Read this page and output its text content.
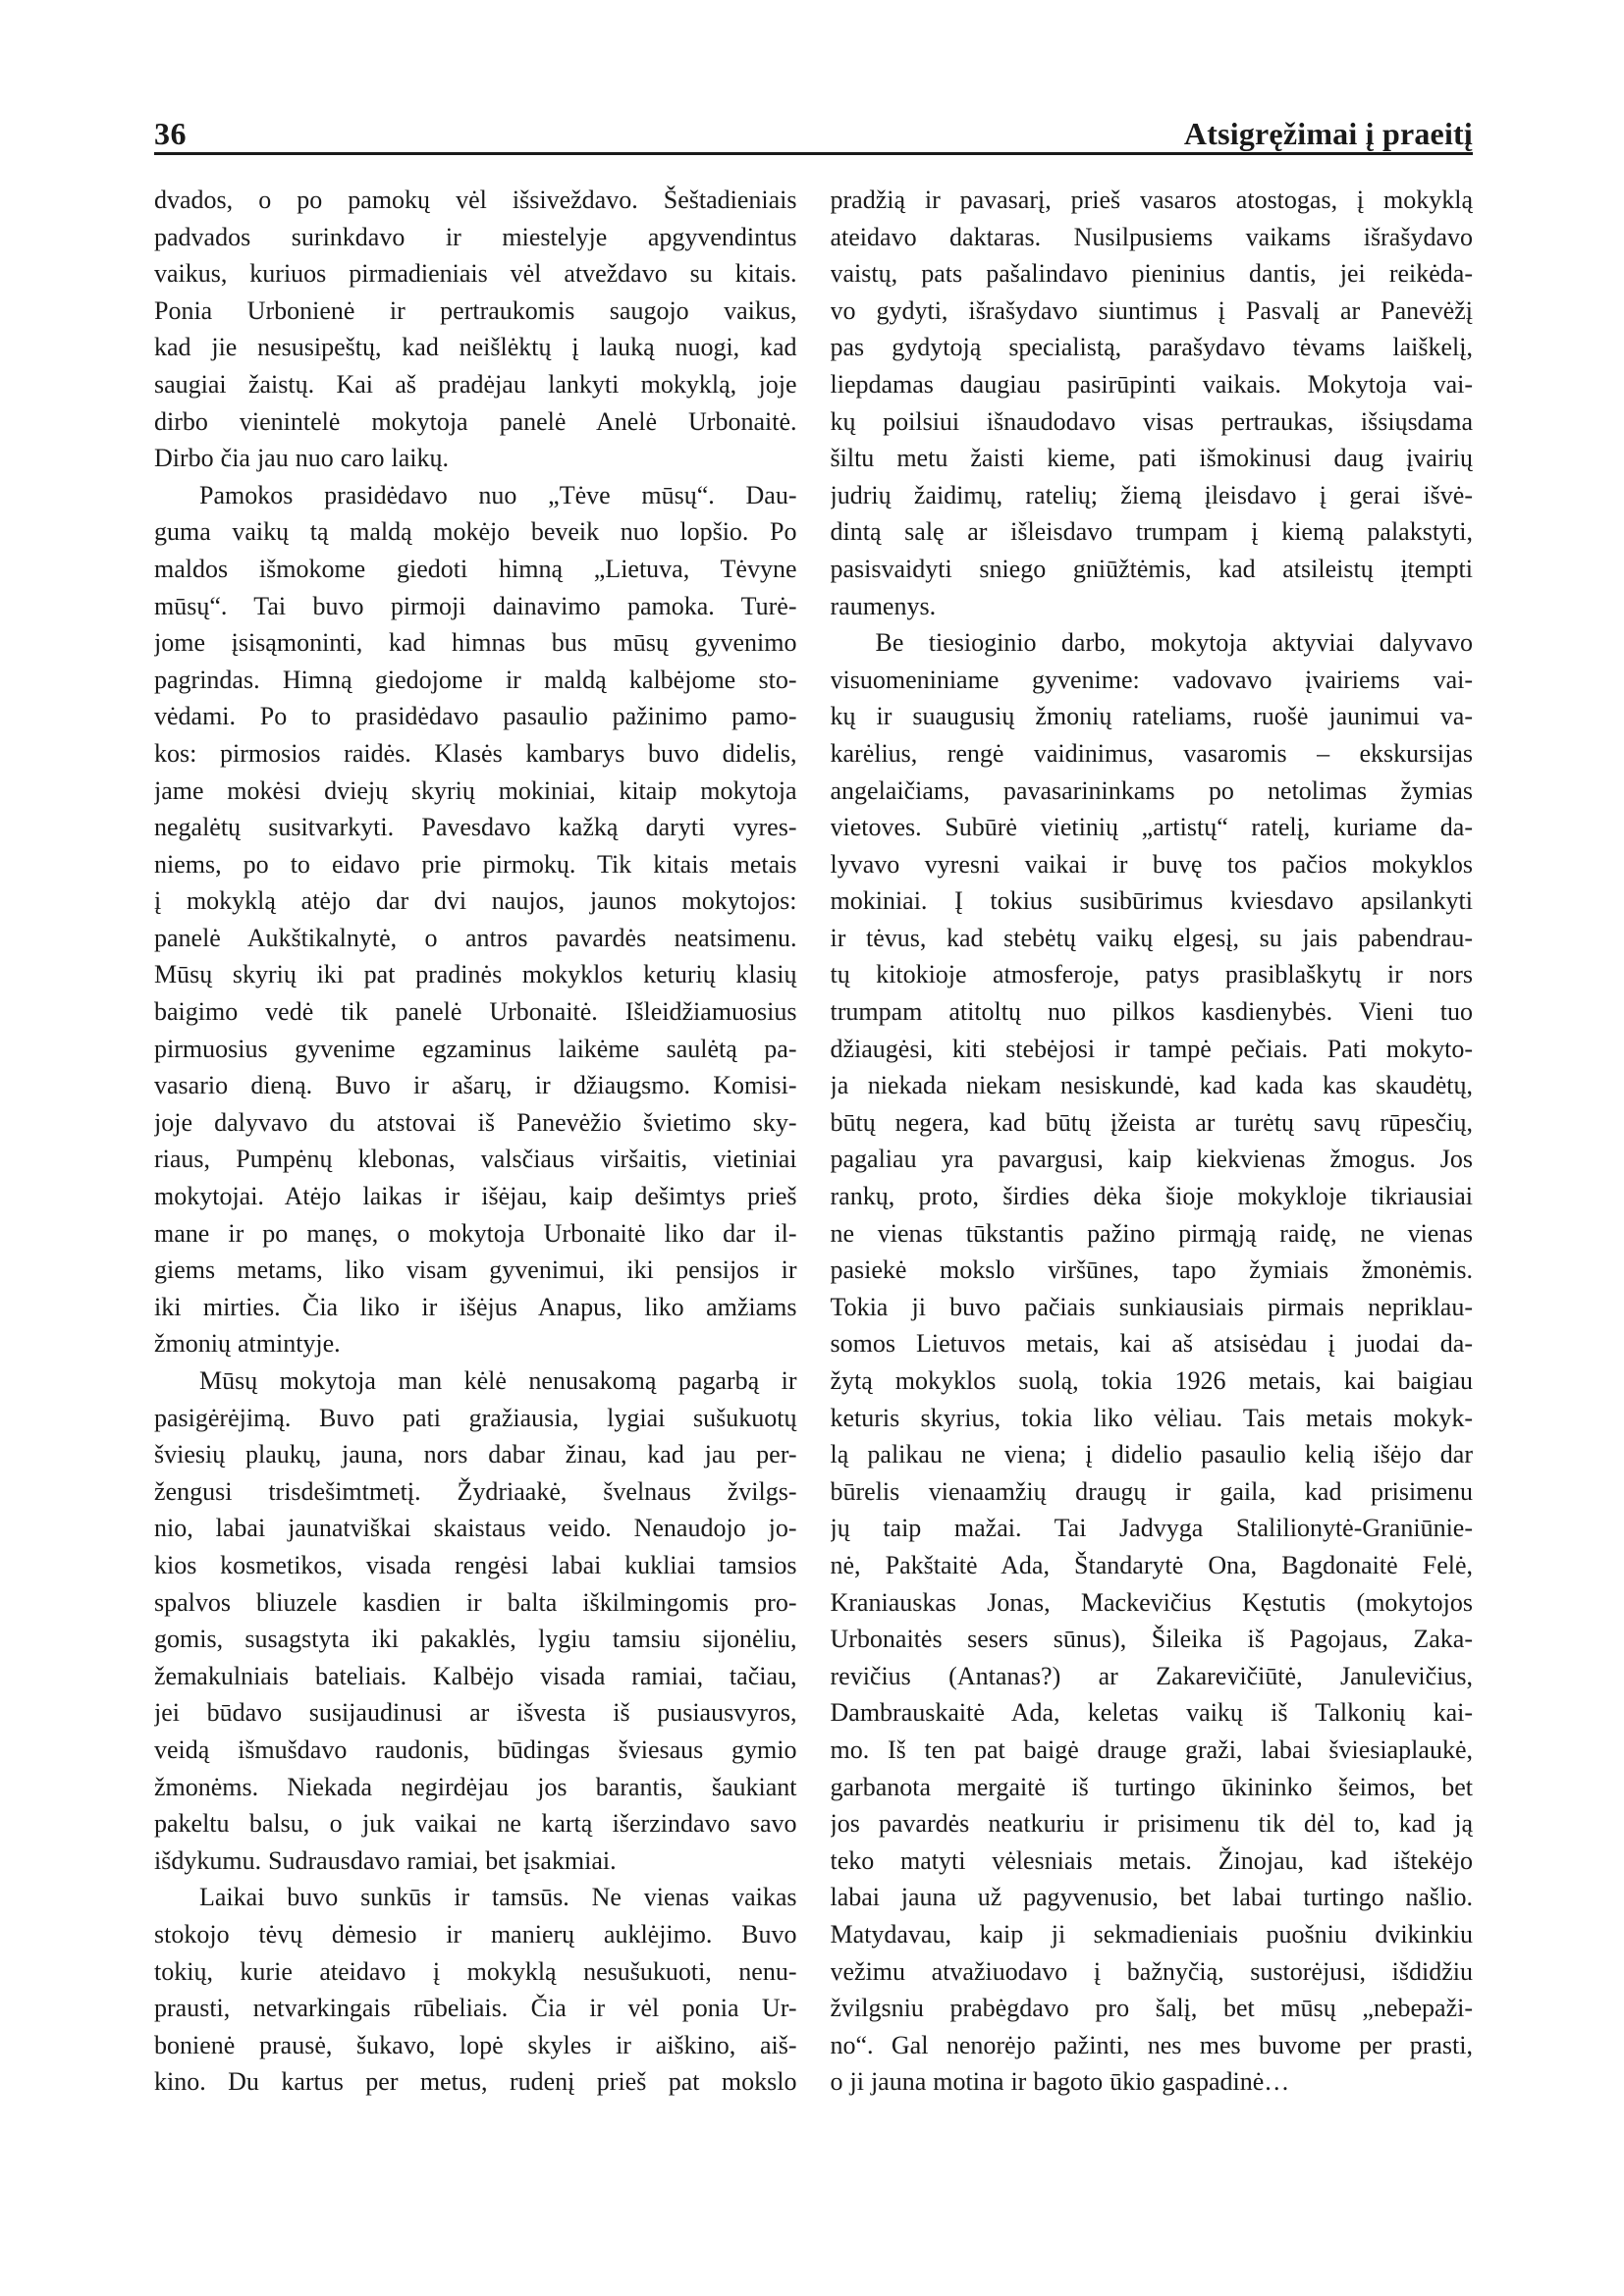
36	Atsigręžimai į praeitį
dvados, o po pamokų vėl išsiveždavo. Šeštadieniais
padvados surinkdavo ir miestelyje apgyvendintus
vaikus, kuriuos pirmadieniais vėl atveždavo su kitais.
Ponia Urbonienė ir pertraukomis saugojo vaikus,
kad jie nesusipeštų, kad neišlėktų į lauką nuogi, kad
saugiai žaistų. Kai aš pradėjau lankyti mokyklą, joje
dirbo vienintelė mokytoja panelė Anelė Urbonaitė.
Dirbo čia jau nuo caro laikų.
Pamokos prasidėdavo nuo „Tėve mūsų“. Dau-
guma vaikų tą maldą mokėjo beveik nuo lopšio. Po
maldos išmokome giedoti himną „Lietuva, Tėvyne
mūsų“. Tai buvo pirmoji dainavimo pamoka. Turė-
jome įsisąmoninti, kad himnas bus mūsų gyvenimo
pagrindas. Himną giedojome ir maldą kalbėjome sto-
vėdami. Po to prasidėdavo pasaulio pažinimo pamo-
kos: pirmosios raidės. Klasės kambarys buvo didelis,
jame mokėsi dviejų skyrių mokiniai, kitaip mokytoja
negalėtų susitvarkyti. Pavesdavo kažką daryti vyres-
niems, po to eidavo prie pirmokų. Tik kitais metais
į mokyklą atėjo dar dvi naujos, jaunos mokytojos:
panelė Aukštikalnytė, o antros pavardės neatsimenu.
Mūsų skyrių iki pat pradinės mokyklos keturių klasių
baigimo vedė tik panelė Urbonaitė. Išleidžiamuosius
pirmuosius gyvenime egzaminus laikėme saulėtą pa-
vasario dieną. Buvo ir ašarų, ir džiaugsmo. Komisi-
joje dalyvavo du atstovai iš Panevėžio švietimo sky-
riaus, Pumpėnų klebonas, valsčiaus viršaitis, vietiniai
mokytojai. Atėjo laikas ir išėjau, kaip dešimtys prieš
mane ir po manęs, o mokytoja Urbonaitė liko dar il-
giems metams, liko visam gyvenimui, iki pensijos ir
iki mirties. Čia liko ir išėjus Anapus, liko amžiams
žmonių atmintyje.
Mūsų mokytoja man kėlė nenusakomą pagarbą ir
pasigėrėjimą. Buvo pati gražiausia, lygiai sušukuotų
šviesių plaukų, jauna, nors dabar žinau, kad jau per-
žengusi trisdešimtmetį. Žydriaakė, švelnaus žvilgs-
nio, labai jaunatviškai skaistaus veido. Nenaudojo jo-
kios kosmetikos, visada rengėsi labai kukliai tamsios
spalvos bliuzele kasdien ir balta iškilmingomis pro-
gomis, susagstyta iki pakaklės, lygiu tamsiu sijonėliu,
žemakulniais bateliais. Kalbėjo visada ramiai, tačiau,
jei būdavo susijaudinusi ar išvesta iš pusiausvyros,
veidą išmušdavo raudonis, būdingas šviesaus gymio
žmonėms. Niekada negirdėjau jos barantis, šaukiant
pakeltu balsu, o juk vaikai ne kartą išerzindavo savo
išdykumu. Sudrausdavo ramiai, bet įsakmiai.
Laikai buvo sunkūs ir tamsūs. Ne vienas vaikas
stokojo tėvų dėmesio ir manierų auklėjimo. Buvo
tokių, kurie ateidavo į mokyklą nesušukuoti, nenu-
prausti, netvarkingais rūbeliais. Čia ir vėl ponia Ur-
bonienė prausė, šukavo, lopė skyles ir aiškino, aiš-
kino. Du kartus per metus, rudenį prieš pat mokslo
pradžią ir pavasarį, prieš vasaros atostogas, į mokyklą
ateidavo daktaras. Nusilpusiems vaikams išrašydavo
vaistų, pats pašalindavo pieninius dantis, jei reikėda-
vo gydyti, išrašydavo siuntimus į Pasvalį ar Panevėžį
pas gydytoją specialistą, parašydavo tėvams laiškelį,
liepdamas daugiau pasirūpinti vaikais. Mokytoja vai-
kų poilsiui išnaudodavo visas pertraukas, išsiųsdama
šiltu metu žaisti kieme, pati išmokinusi daug įvairių
judrių žaidimų, ratelių; žiemą įleisdavo į gerai išvė-
dintą salę ar išleisdavo trumpam į kiemą palakstyti,
pasisvaidyti sniego gniūžtėmis, kad atsileistų įtempti
raumenys.
Be tiesioginio darbo, mokytoja aktyviai dalyvavo
visuomeniniame gyvenime: vadovavo įvairiems vai-
kų ir suaugusių žmonių rateliams, ruošė jaunimui va-
karėlius, rengė vaidinimus, vasaromis – ekskursijas
angelaičiams, pavasarininkams po netolimas žymias
vietoves. Subūrė vietinių „artistų“ ratelį, kuriame da-
lyvavo vyresni vaikai ir buvę tos pačios mokyklos
mokiniai. Į tokius susibūrimus kviesdavo apsilankyti
ir tėvus, kad stebėtų vaikų elgesį, su jais pabendrau-
tų kitokioje atmosferoje, patys prasiblaškytų ir nors
trumpam atitoltų nuo pilkos kasdienybės. Vieni tuo
džiaugėsi, kiti stebėjosi ir tampė pečiais. Pati mokyto-
ja niekada niekam nesiskundė, kad kada kas skaudėtų,
būtų negera, kad būtų įžeista ar turėtų savų rūpesčių,
pagaliau yra pavargusi, kaip kiekvienas žmogus. Jos
rankų, proto, širdies dėka šioje mokykloje tikriausiai
ne vienas tūkstantis pažino pirmąją raidę, ne vienas
pasiekė mokslo viršūnes, tapo žymiais žmonėmis.
Tokia ji buvo pačiais sunkiausiais pirmais nepriklau-
somos Lietuvos metais, kai aš atsisėdau į juodai da-
žytą mokyklos suolą, tokia 1926 metais, kai baigiau
keturis skyrius, tokia liko vėliau. Tais metais mokyk-
lą palikau ne viena; į didelio pasaulio kelią išėjo dar
būrelis vienaamžių draugų ir gaila, kad prisimenu
jų taip mažai. Tai Jadvyga Stalilionytė-Graniūnie-
nė, Pakštaitė Ada, Štandarytė Ona, Bagdonaitė Felė,
Kraniauskas Jonas, Mackevičius Kęstutis (mokytojos
Urbonaitės sesers sūnus), Šileika iš Pagojaus, Zaka-
revičius (Antanas?) ar Zakarevičiūtė, Janulevičius,
Dambrauskaitė Ada, keletas vaikų iš Talkonių kai-
mo. Iš ten pat baigė drauge graži, labai šviesiaplaukė,
garbanota mergaitė iš turtingo ūkininko šeimos, bet
jos pavardės neatkuriu ir prisimenu tik dėl to, kad ją
teko matyti vėlesniais metais. Žinojau, kad ištekėjo
labai jauna už pagyvenusio, bet labai turtingo našlio.
Matydavau, kaip ji sekmadieniais puošniu dvikinkiu
vežimu atvažiuodavo į bažnyčią, sustorėjusi, išdidžiu
žvilgsniu prabėgdavo pro šalį, bet mūsų „nebepaži-
no“. Gal nenorėjo pažinti, nes mes buvome per prasti,
o ji jauna motina ir bagoto ūkio gaspadinė…
